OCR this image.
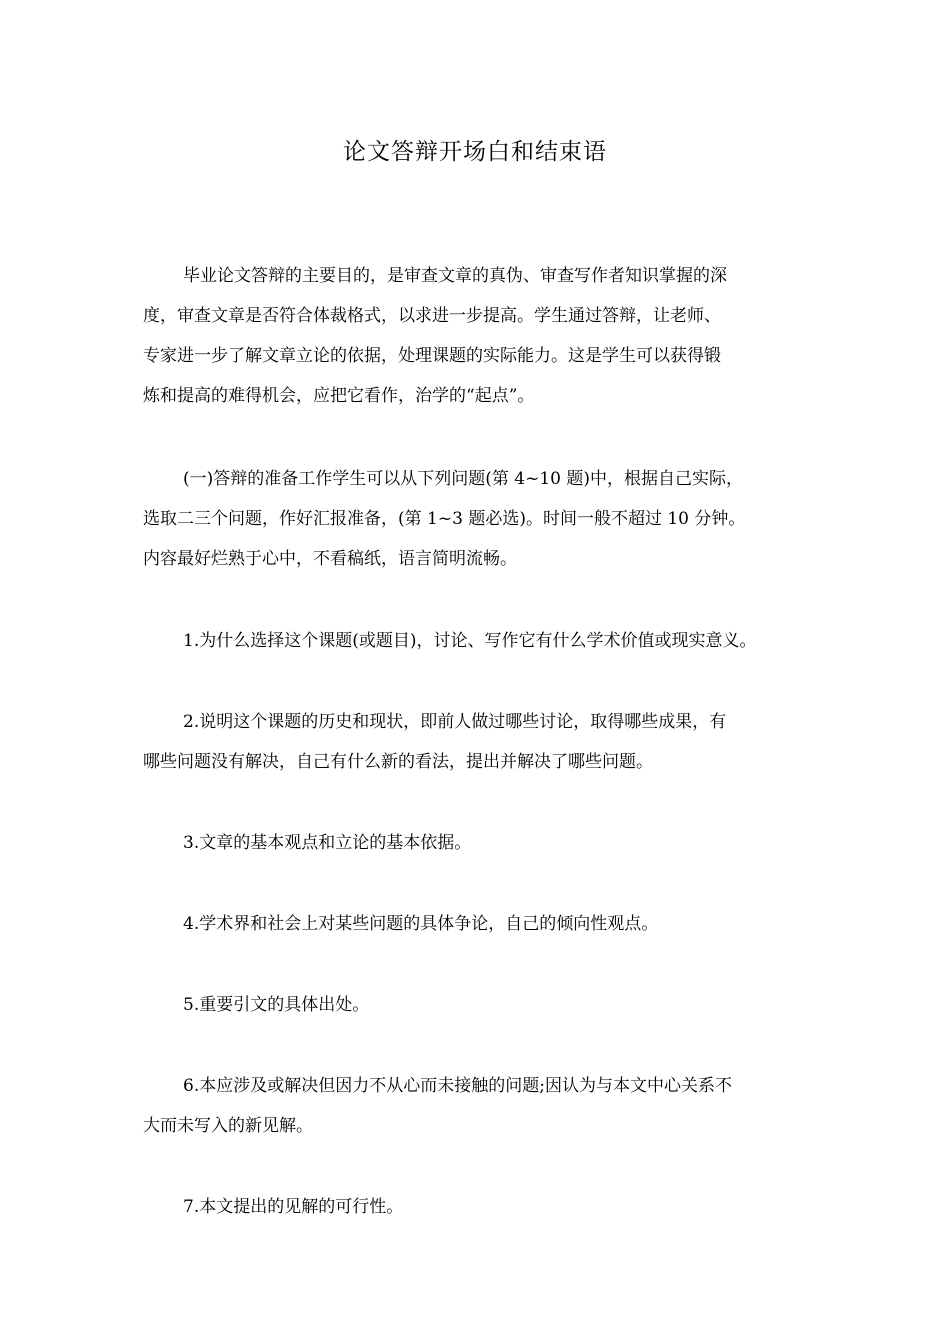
论文答辩开场白和结束语
毕业论文答辩的主要目的，是审查文章的真伪、审查写作者知识掌握的深
度，审查文章是否符合体裁格式，以求进一步提高。学生通过答辩，让老师、
专家进一步了解文章立论的依据，处理课题的实际能力。这是学生可以获得锻
炼和提高的难得机会，应把它看作，治学的“起点”。
(一)答辩的准备工作学生可以从下列问题(第 4~10 题)中，根据自己实际，
选取二三个问题，作好汇报准备，(第 1~3 题必选)。时间一般不超过 10 分钟。
内容最好烂熟于心中，不看稿纸，语言简明流畅。
1.为什么选择这个课题(或题目)，讨论、写作它有什么学术价值或现实意义。
2.说明这个课题的历史和现状，即前人做过哪些讨论，取得哪些成果，有
哪些问题没有解决，自己有什么新的看法，提出并解决了哪些问题。
3.文章的基本观点和立论的基本依据。
4.学术界和社会上对某些问题的具体争论，自己的倾向性观点。
5.重要引文的具体出处。
6.本应涉及或解决但因力不从心而未接触的问题;因认为与本文中心关系不
大而未写入的新见解。
7.本文提出的见解的可行性。
